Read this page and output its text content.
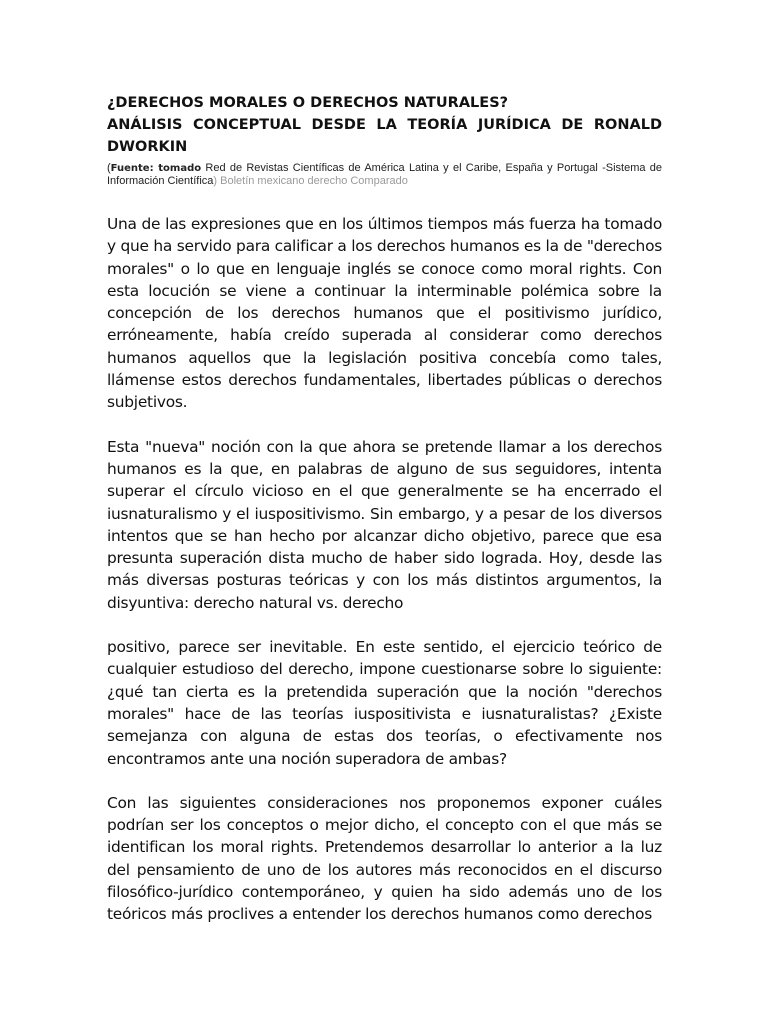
¿DERECHOS MORALES O DERECHOS NATURALES?

ANÁLISIS CONCEPTUAL DESDE LA TEORÍA JURÍDICA DE RONALD DWORKIN

(Fuente: tomado Red de Revistas Científicas de América Latina y el Caribe, España y Portugal -Sistema de Información Científica) Boletín mexicano derecho Comparado

Una de las expresiones que en los últimos tiempos más fuerza ha tomado y que ha servido para calificar a los derechos humanos es la de "derechos morales" o lo que en lenguaje inglés se conoce como moral rights. Con esta locución se viene a continuar la interminable polémica sobre la concepción de los derechos humanos que el positivismo jurídico, erróneamente, había creído superada al considerar como derechos humanos aquellos que la legislación positiva concebía como tales, llámense estos derechos fundamentales, libertades públicas o derechos subjetivos.

Esta "nueva" noción con la que ahora se pretende llamar a los derechos humanos es la que, en palabras de alguno de sus seguidores, intenta superar el círculo vicioso en el que generalmente se ha encerrado el iusnaturalismo y el iuspositivismo. Sin embargo, y a pesar de los diversos intentos que se han hecho por alcanzar dicho objetivo, parece que esa presunta superación dista mucho de haber sido lograda. Hoy, desde las más diversas posturas teóricas y con los más distintos argumentos, la disyuntiva: derecho natural vs. derecho

positivo, parece ser inevitable. En este sentido, el ejercicio teórico de cualquier estudioso del derecho, impone cuestionarse sobre lo siguiente: ¿qué tan cierta es la pretendida superación que la noción "derechos morales" hace de las teorías iuspositivista e iusnaturalistas? ¿Existe semejanza con alguna de estas dos teorías, o efectivamente nos encontramos ante una noción superadora de ambas?

Con las siguientes consideraciones nos proponemos exponer cuáles podrían ser los conceptos o mejor dicho, el concepto con el que más se identifican los moral rights. Pretendemos desarrollar lo anterior a la luz del pensamiento de uno de los autores más reconocidos en el discurso filosófico-jurídico contemporáneo, y quien ha sido además uno de los teóricos más proclives a entender los derechos humanos como derechos
